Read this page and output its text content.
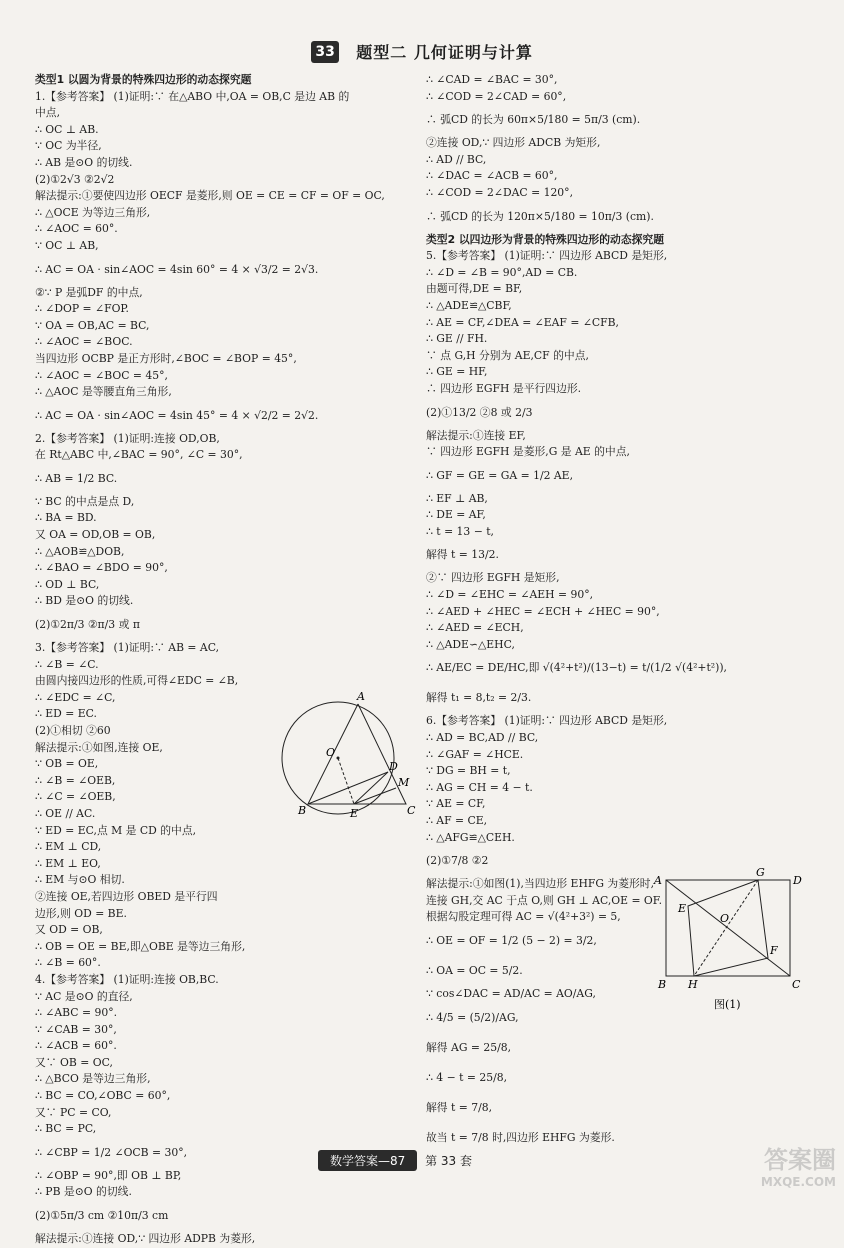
33 题型二 几何证明与计算
类型1 以圆为背景的特殊四边形的动态探究题
1.【参考答案】 (1)证明:∵ 在△ABO 中,OA = OB,C 是边 AB 的
中点,
∴ OC ⊥ AB.
∵ OC 为半径,
∴ AB 是⊙O 的切线.
(2)①2√3 ②2√2
解法提示:①要使四边形 OECF 是菱形,则 OE = CE = CF = OF = OC,
∴ △OCE 为等边三角形,
∴ ∠AOC = 60°.
∵ OC ⊥ AB,
∴ AC = OA · sin∠AOC = 4sin 60° = 4 × √3/2 = 2√3.
②∵ P 是弧DF 的中点,
∴ ∠DOP = ∠FOP.
∵ OA = OB,AC = BC,
∴ ∠AOC = ∠BOC.
当四边形 OCBP 是正方形时,∠BOC = ∠BOP = 45°,
∴ ∠AOC = ∠BOC = 45°,
∴ △AOC 是等腰直角三角形,
∴ AC = OA · sin∠AOC = 4sin 45° = 4 × √2/2 = 2√2.
2.【参考答案】 (1)证明:连接 OD,OB,
在 Rt△ABC 中,∠BAC = 90°, ∠C = 30°,
∴ AB = 1/2 BC.
∵ BC 的中点是点 D,
∴ BA = BD.
又 OA = OD,OB = OB,
∴ △AOB≌△DOB,
∴ ∠BAO = ∠BDO = 90°,
∴ OD ⊥ BC,
∴ BD 是⊙O 的切线.
(2)①2π/3 ②π/3 或 π
3.【参考答案】 (1)证明:∵ AB = AC,
∴ ∠B = ∠C.
由圆内接四边形的性质,可得∠EDC = ∠B,
∴ ∠EDC = ∠C,
∴ ED = EC.
(2)①相切 ②60
解法提示:①如图,连接 OE,
∵ OB = OE,
∴ ∠B = ∠OEB,
∴ ∠C = ∠OEB,
∴ OE // AC.
∵ ED = EC,点 M 是 CD 的中点,
∴ EM ⊥ CD,
∴ EM ⊥ EO,
∴ EM 与⊙O 相切.
②连接 OE,若四边形 OBED 是平行四
边形,则 OD = BE.
又 OD = OB,
∴ OB = OE = BE,即△OBE 是等边三角形,
∴ ∠B = 60°.
4.【参考答案】 (1)证明:连接 OB,BC.
∵ AC 是⊙O 的直径,
∴ ∠ABC = 90°.
∵ ∠CAB = 30°,
∴ ∠ACB = 60°.
又∵ OB = OC,
∴ △BCO 是等边三角形,
∴ BC = CO,∠OBC = 60°,
又∵ PC = CO,
∴ BC = PC,
∴ ∠CBP = 1/2 ∠OCB = 30°,
∴ ∠OBP = 90°,即 OB ⊥ BP,
∴ PB 是⊙O 的切线.
(2)①5π/3 cm ②10π/3 cm
解法提示:①连接 OD,∵ 四边形 ADPB 为菱形,
∴ ∠CAD = ∠BAC = 30°,
∴ ∠COD = 2∠CAD = 60°,
∴ 弧CD 的长为 60π×5/180 = 5π/3 (cm).
②连接 OD,∵ 四边形 ADCB 为矩形,
∴ AD // BC,
∴ ∠DAC = ∠ACB = 60°,
∴ ∠COD = 2∠DAC = 120°,
∴ 弧CD 的长为 120π×5/180 = 10π/3 (cm).
类型2 以四边形为背景的特殊四边形的动态探究题
5.【参考答案】 (1)证明:∵ 四边形 ABCD 是矩形,
∴ ∠D = ∠B = 90°,AD = CB.
由题可得,DE = BF,
∴ △ADE≌△CBF,
∴ AE = CF,∠DEA = ∠EAF = ∠CFB,
∴ GE // FH.
∵ 点 G,H 分别为 AE,CF 的中点,
∴ GE = HF,
∴ 四边形 EGFH 是平行四边形.
(2)①13/2 ②8 或 2/3
解法提示:①连接 EF,
∵ 四边形 EGFH 是菱形,G 是 AE 的中点,
∴ GF = GE = GA = 1/2 AE,
∴ EF ⊥ AB,
∴ DE = AF,
∴ t = 13 − t,
解得 t = 13/2.
②∵ 四边形 EGFH 是矩形,
∴ ∠D = ∠EHC = ∠AEH = 90°,
∴ ∠AED + ∠HEC = ∠ECH + ∠HEC = 90°,
∴ ∠AED = ∠ECH,
∴ △ADE∽△EHC,
∴ AE/EC = DE/HC,即 √(4²+t²)/(13−t) = t/(1/2 √(4²+t²)),
解得 t₁ = 8,t₂ = 2/3.
6.【参考答案】 (1)证明:∵ 四边形 ABCD 是矩形,
∴ AD = BC,AD // BC,
∴ ∠GAF = ∠HCE.
∵ DG = BH = t,
∴ AG = CH = 4 − t.
∵ AE = CF,
∴ AF = CE,
∴ △AFG≌△CEH.
(2)①7/8 ②2
解法提示:①如图(1),当四边形 EHFG 为菱形时,
连接 GH,交 AC 于点 O,则 GH ⊥ AC,OE = OF.
根据勾股定理可得 AC = √(4²+3²) = 5,
∴ OE = OF = 1/2 (5 − 2) = 3/2,
∴ OA = OC = 5/2.
∵ cos∠DAC = AD/AC = AO/AG,
∴ 4/5 = (5/2)/AG,
解得 AG = 25/8,
∴ 4 − t = 25/8,
解得 t = 7/8,
故当 t = 7/8 时,四边形 EHFG 为菱形.
A
O
D
M
B	E	C
A
G
D
E
O
F
B H	C
图(1)
数学答案—87 第 33 套	答案圈
MXQE.COM
